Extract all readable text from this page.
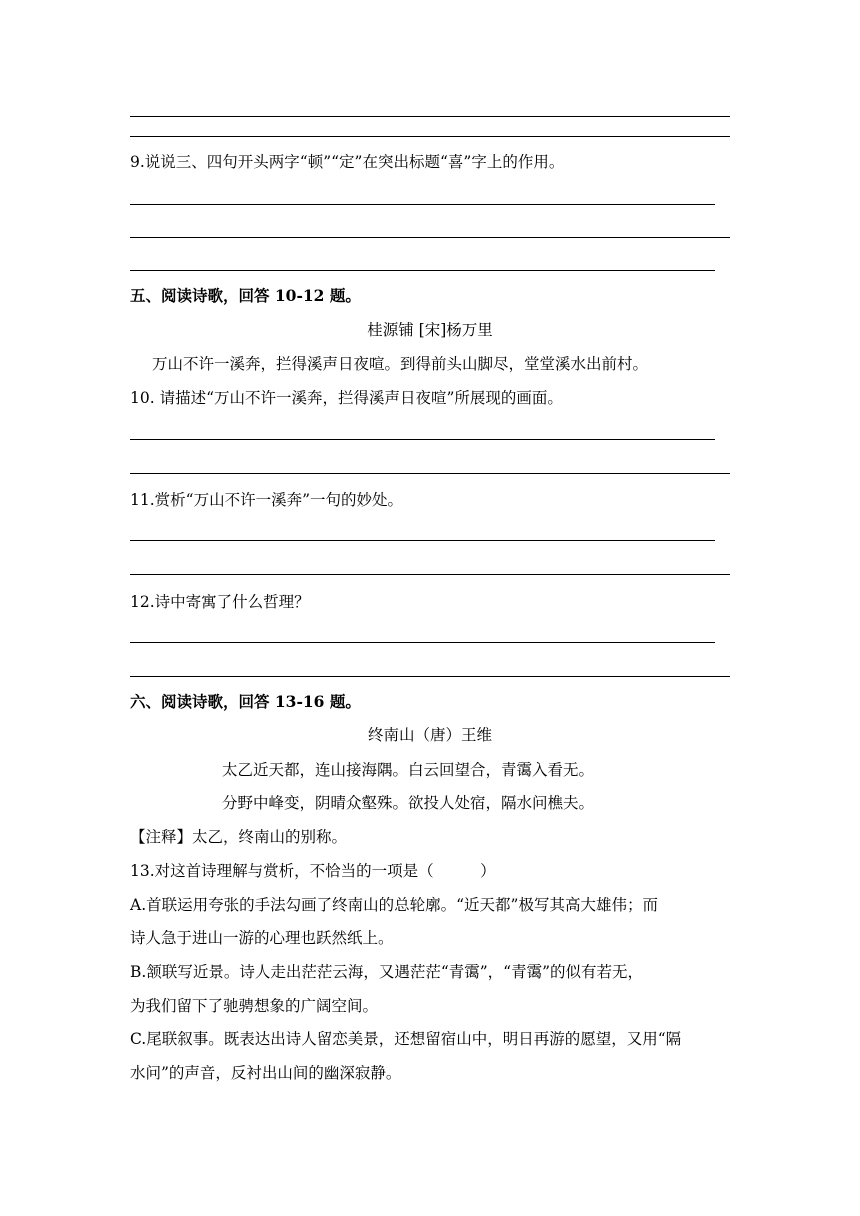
9.说说三、四句开头两字“顿”“定”在突出标题“喜”字上的作用。
五、阅读诗歌，回答 10-12 题。
桂源铺 [宋]杨万里
万山不许一溪奔，拦得溪声日夜喧。到得前头山脚尽，堂堂溪水出前村。
10. 请描述“万山不许一溪奔，拦得溪声日夜喧”所展现的画面。
11.赏析“万山不许一溪奔”一句的妙处。
12.诗中寄寓了什么哲理？
六、阅读诗歌，回答 13-16 题。
终南山（唐）王维
太乙近天都，连山接海隅。白云回望合，青霭入看无。
分野中峰变，阴晴众壑殊。欲投人处宿，隔水问樵夫。
【注释】太乙，终南山的别称。
13.对这首诗理解与赏析，不恰当的一项是（　　　）
A.首联运用夸张的手法勾画了终南山的总轮廓。“近天都”极写其高大雄伟；而
诗人急于进山一游的心理也跃然纸上。
B.颔联写近景。诗人走出茫茫云海，又遇茫茫“青霭”，“青霭”的似有若无，
为我们留下了驰骋想象的广阔空间。
C.尾联叙事。既表达出诗人留恋美景，还想留宿山中，明日再游的愿望，又用“隔
水问”的声音，反衬出山间的幽深寂静。
